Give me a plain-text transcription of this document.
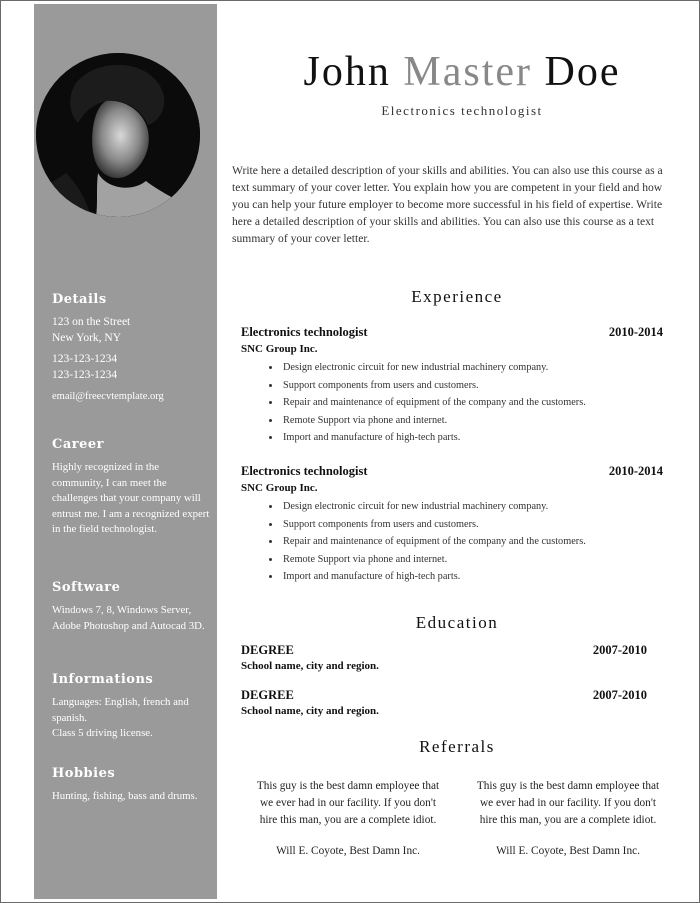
Details

123 on the Street

New York, NY

123-123-1234

123-123-1234

email@freecvtemplate.org

Career

Highly recognized in the community, I can meet the challenges that your company will entrust me. I am a recognized expert in the field technologist.

Software

Windows 7, 8, Windows Server, Adobe Photoshop and Autocad 3D.

Informations

Languages: English, french and spanish.

Class 5 driving license.

Hobbies

Hunting, fishing, bass and drums.

John Master Doe
Electronics technologist
Write here a detailed description of your skills and abilities. You can also use this course as a text summary of your cover letter. You explain how you are competent in your field and how you can help your future employer to become more successful in his field of expertise. Write here a detailed description of your skills and abilities. You can also use this course as a text summary of your cover letter.
Experience
Electronics technologist	2010-2014
SNC Group Inc.
• Design electronic circuit for new industrial machinery company.
• Support components from users and customers.
• Repair and maintenance of equipment of the company and the customers.
• Remote Support via phone and internet.
• Import and manufacture of high-tech parts.
Electronics technologist	2010-2014
SNC Group Inc.
• Design electronic circuit for new industrial machinery company.
• Support components from users and customers.
• Repair and maintenance of equipment of the company and the customers.
• Remote Support via phone and internet.
• Import and manufacture of high-tech parts.
Education
DEGREE	2007-2010
School name, city and region.
DEGREE	2007-2010
School name, city and region.
Referrals
This guy is the best damn employee that we ever had in our facility. If you don't hire this man, you are a complete idiot.
Will E. Coyote, Best Damn Inc.
This guy is the best damn employee that we ever had in our facility. If you don't hire this man, you are a complete idiot.
Will E. Coyote, Best Damn Inc.
